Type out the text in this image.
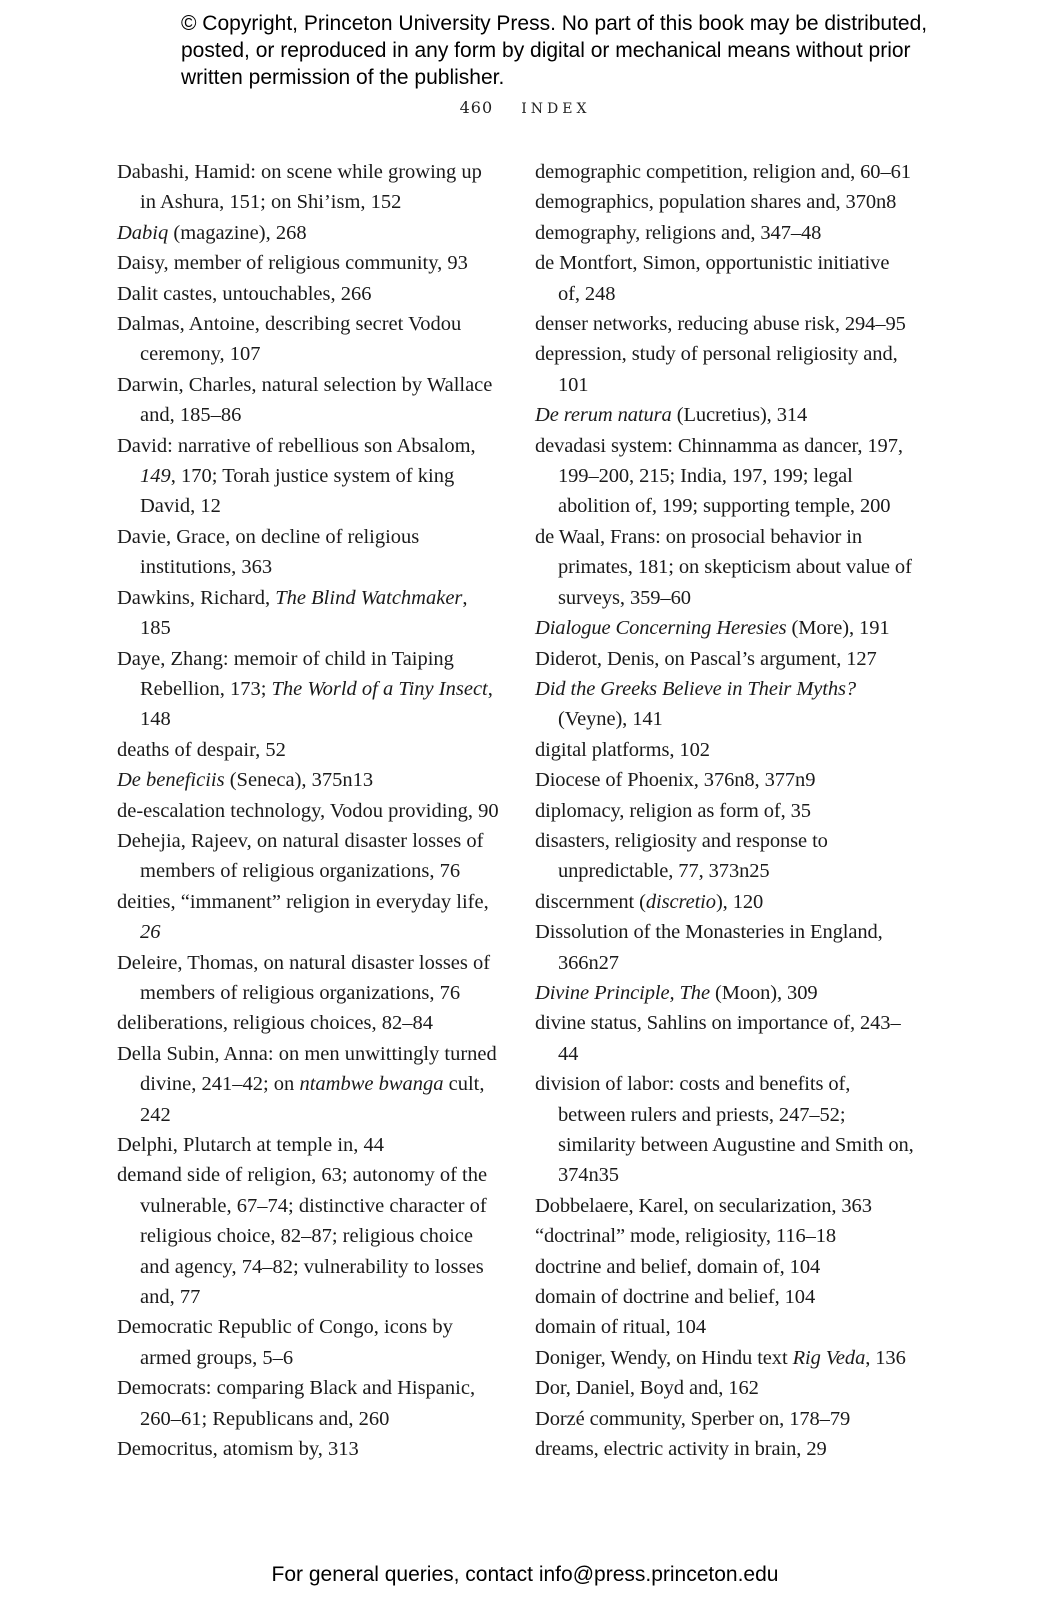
© Copyright, Princeton University Press. No part of this book may be distributed, posted, or reproduced in any form by digital or mechanical means without prior written permission of the publisher.
460 INDEX
Dabashi, Hamid: on scene while growing up in Ashura, 151; on Shi’ism, 152
Dabiq (magazine), 268
Daisy, member of religious community, 93
Dalit castes, untouchables, 266
Dalmas, Antoine, describing secret Vodou ceremony, 107
Darwin, Charles, natural selection by Wallace and, 185–86
David: narrative of rebellious son Absalom, 149, 170; Torah justice system of king David, 12
Davie, Grace, on decline of religious institutions, 363
Dawkins, Richard, The Blind Watchmaker, 185
Daye, Zhang: memoir of child in Taiping Rebellion, 173; The World of a Tiny Insect, 148
deaths of despair, 52
De beneficiis (Seneca), 375n13
de-escalation technology, Vodou providing, 90
Dehejia, Rajeev, on natural disaster losses of members of religious organizations, 76
deities, “immanent” religion in everyday life, 26
Deleire, Thomas, on natural disaster losses of members of religious organizations, 76
deliberations, religious choices, 82–84
Della Subin, Anna: on men unwittingly turned divine, 241–42; on ntambwe bwanga cult, 242
Delphi, Plutarch at temple in, 44
demand side of religion, 63; autonomy of the vulnerable, 67–74; distinctive character of religious choice, 82–87; religious choice and agency, 74–82; vulnerability to losses and, 77
Democratic Republic of Congo, icons by armed groups, 5–6
Democrats: comparing Black and Hispanic, 260–61; Republicans and, 260
Democritus, atomism by, 313
demographic competition, religion and, 60–61
demographics, population shares and, 370n8
demography, religions and, 347–48
de Montfort, Simon, opportunistic initiative of, 248
denser networks, reducing abuse risk, 294–95
depression, study of personal religiosity and, 101
De rerum natura (Lucretius), 314
devadasi system: Chinnamma as dancer, 197, 199–200, 215; India, 197, 199; legal abolition of, 199; supporting temple, 200
de Waal, Frans: on prosocial behavior in primates, 181; on skepticism about value of surveys, 359–60
Dialogue Concerning Heresies (More), 191
Diderot, Denis, on Pascal’s argument, 127
Did the Greeks Believe in Their Myths? (Veyne), 141
digital platforms, 102
Diocese of Phoenix, 376n8, 377n9
diplomacy, religion as form of, 35
disasters, religiosity and response to unpredictable, 77, 373n25
discernment (discretio), 120
Dissolution of the Monasteries in England, 366n27
Divine Principle, The (Moon), 309
divine status, Sahlins on importance of, 243–44
division of labor: costs and benefits of, between rulers and priests, 247–52; similarity between Augustine and Smith on, 374n35
Dobbelaere, Karel, on secularization, 363
“doctrinal” mode, religiosity, 116–18
doctrine and belief, domain of, 104
domain of doctrine and belief, 104
domain of ritual, 104
Doniger, Wendy, on Hindu text Rig Veda, 136
Dor, Daniel, Boyd and, 162
Dorzé community, Sperber on, 178–79
dreams, electric activity in brain, 29
For general queries, contact info@press.princeton.edu
